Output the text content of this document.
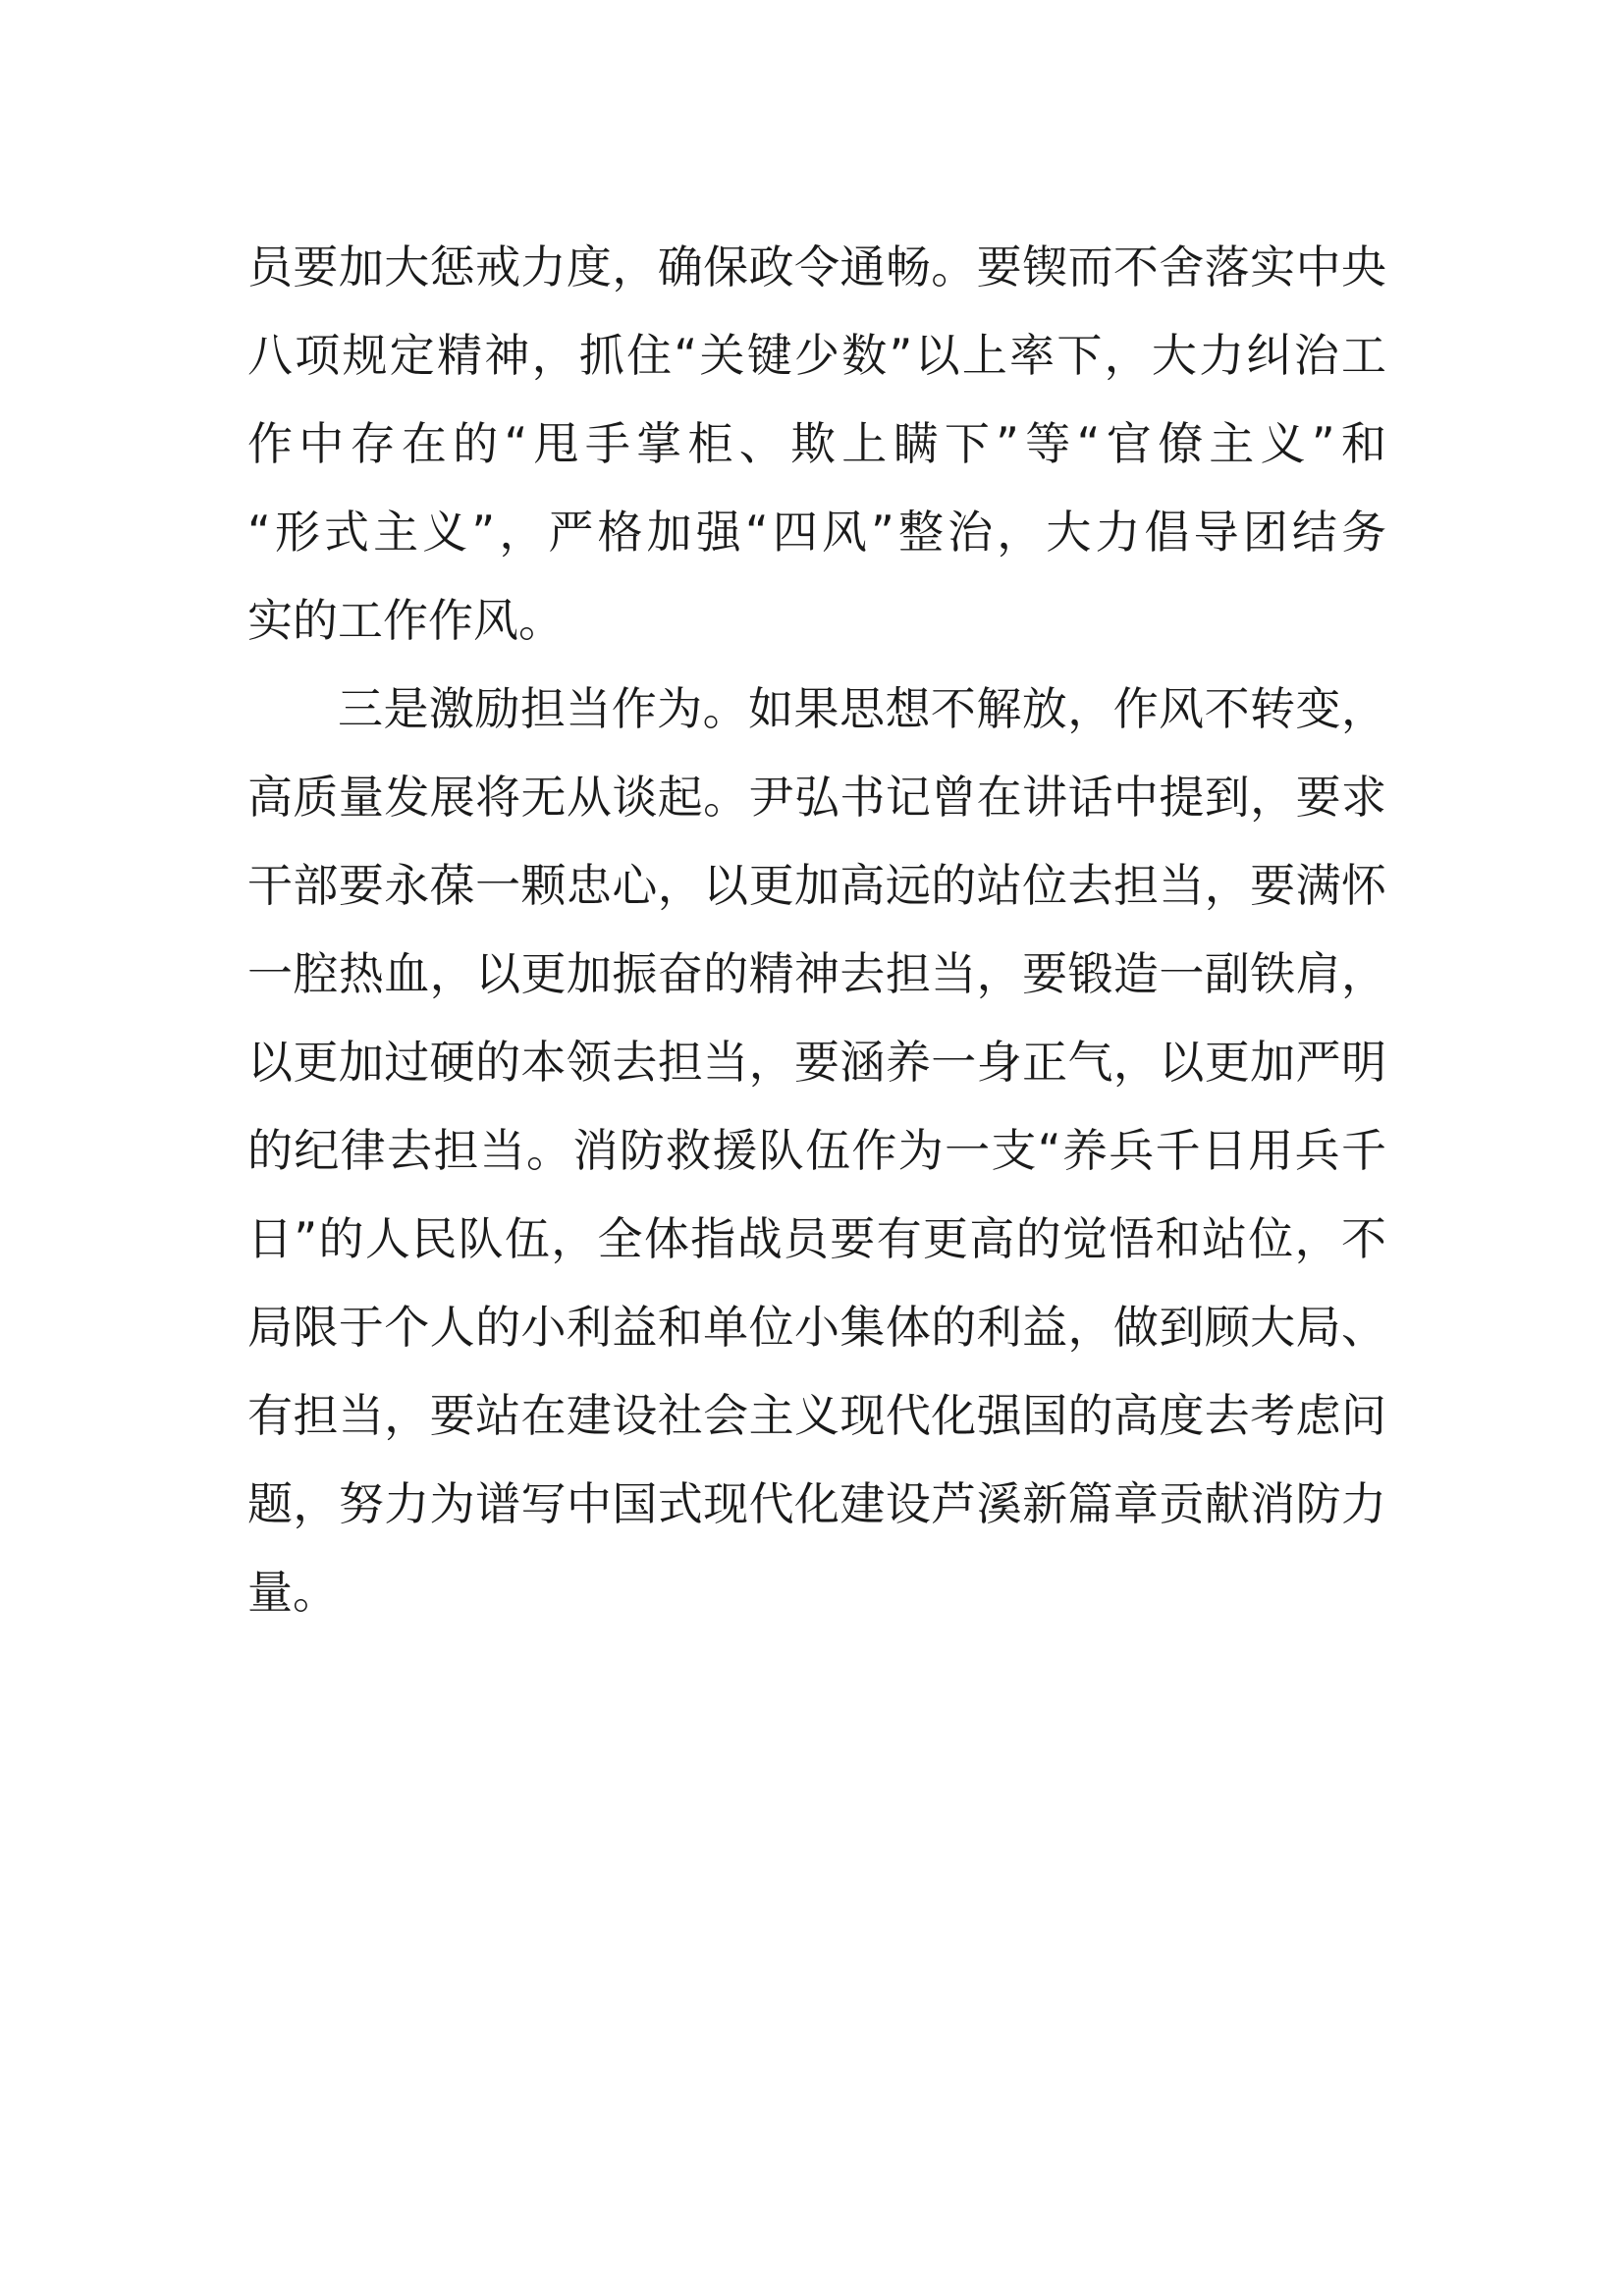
员要加大惩戒力度，确保政令通畅。要锲而不舍落实中央
八项规定精神，抓住“关键少数”以上率下，大力纠治工
作中存在的“甩手掌柜、欺上瞒下”等“官僚主义”和
“形式主义”，严格加强“四风”整治，大力倡导团结务
实的工作作风。
三是激励担当作为。如果思想不解放，作风不转变，
高质量发展将无从谈起。尹弘书记曾在讲话中提到，要求
干部要永葆一颗忠心，以更加高远的站位去担当，要满怀
一腔热血，以更加振奋的精神去担当，要锻造一副铁肩，
以更加过硬的本领去担当，要涵养一身正气，以更加严明
的纪律去担当。消防救援队伍作为一支“养兵千日用兵千
日”的人民队伍，全体指战员要有更高的觉悟和站位，不
局限于个人的小利益和单位小集体的利益，做到顾大局、
有担当，要站在建设社会主义现代化强国的高度去考虑问
题，努力为谱写中国式现代化建设芦溪新篇章贡献消防力
量。
